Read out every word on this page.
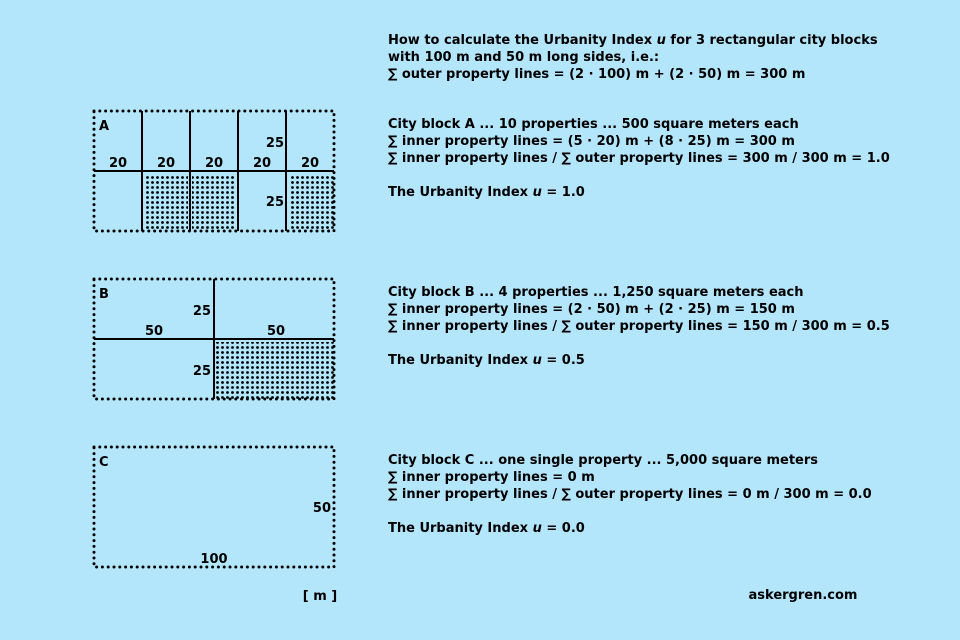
A
20 20 20 20 20
25
25
B
50	50
25
25
C
50
100
[ m ]	askergren.com
How to calculate the Urbanity Index u for 3 rectangular city blocks
with 100 m and 50 m long sides, i.e.:
∑ outer property lines = (2 · 100) m + (2 · 50) m = 300 m
City block A ... 10 properties ... 500 square meters each
∑ inner property lines = (5 · 20) m + (8 · 25) m = 300 m
∑ inner property lines / ∑ outer property lines = 300 m / 300 m = 1.0
The Urbanity Index u = 1.0
City block B ... 4 properties ... 1,250 square meters each
∑ inner property lines = (2 · 50) m + (2 · 25) m = 150 m
∑ inner property lines / ∑ outer property lines = 150 m / 300 m = 0.5
The Urbanity Index u = 0.5
City block C ... one single property ... 5,000 square meters
∑ inner property lines = 0 m
∑ inner property lines / ∑ outer property lines = 0 m / 300 m = 0.0
The Urbanity Index u = 0.0
